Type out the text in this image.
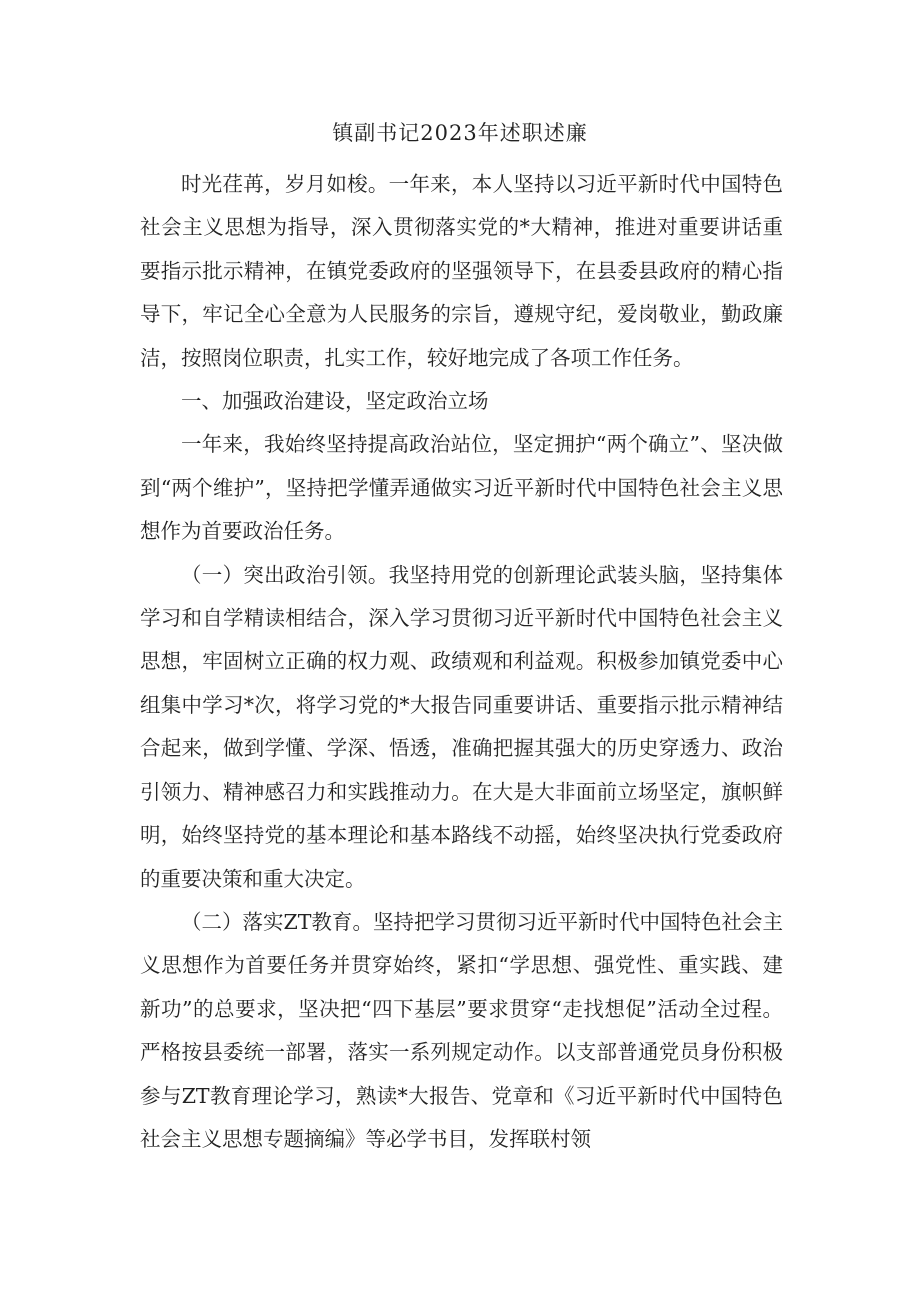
镇副书记2023年述职述廉

时光荏苒，岁月如梭。一年来，本人坚持以习近平新时代中国特色社会主义思想为指导，深入贯彻落实党的*大精神，推进对重要讲话重要指示批示精神，在镇党委政府的坚强领导下，在县委县政府的精心指导下，牢记全心全意为人民服务的宗旨，遵规守纪，爱岗敬业，勤政廉洁，按照岗位职责，扎实工作，较好地完成了各项工作任务。

一、加强政治建设，坚定政治立场

一年来，我始终坚持提高政治站位，坚定拥护“两个确立”、坚决做到“两个维护”，坚持把学懂弄通做实习近平新时代中国特色社会主义思想作为首要政治任务。

（一）突出政治引领。我坚持用党的创新理论武装头脑，坚持集体学习和自学精读相结合，深入学习贯彻习近平新时代中国特色社会主义思想，牢固树立正确的权力观、政绩观和利益观。积极参加镇党委中心组集中学习*次，将学习党的*大报告同重要讲话、重要指示批示精神结合起来，做到学懂、学深、悟透，准确把握其强大的历史穿透力、政治引领力、精神感召力和实践推动力。在大是大非面前立场坚定，旗帜鲜明，始终坚持党的基本理论和基本路线不动摇，始终坚决执行党委政府的重要决策和重大决定。

（二）落实ZT教育。坚持把学习贯彻习近平新时代中国特色社会主义思想作为首要任务并贯穿始终，紧扣“学思想、强党性、重实践、建新功”的总要求，坚决把“四下基层”要求贯穿“走找想促”活动全过程。严格按县委统一部署，落实一系列规定动作。以支部普通党员身份积极参与ZT教育理论学习，熟读*大报告、党章和《习近平新时代中国特色社会主义思想专题摘编》等必学书目，发挥联村领
